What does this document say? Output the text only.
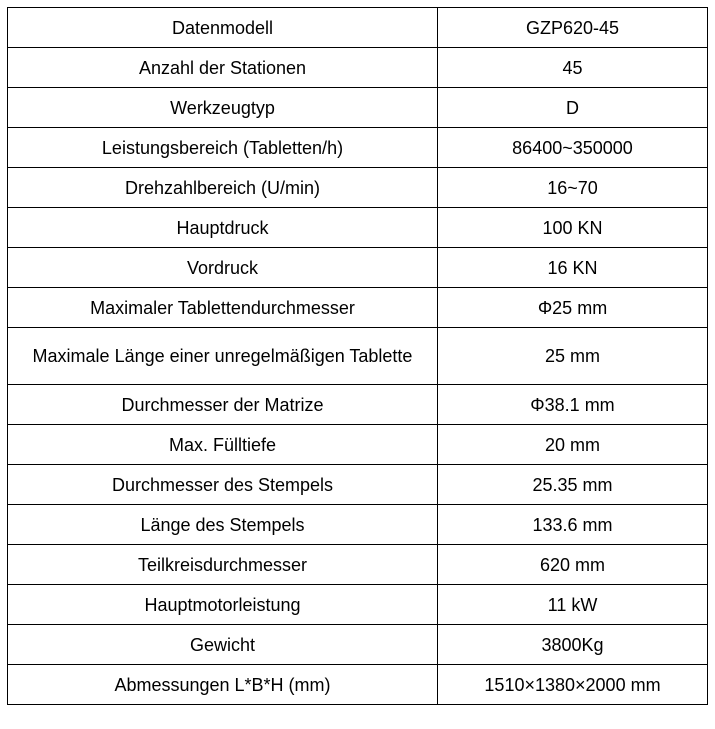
Datenmodell	GZP620-45
Anzahl der Stationen	45
Werkzeugtyp	D
Leistungsbereich (Tabletten/h)	86400~350000
Drehzahlbereich (U/min)	16~70
Hauptdruck	100 KN
Vordruck	16 KN
Maximaler Tablettendurchmesser	Φ25 mm
Maximale Länge einer unregelmäßigen Tablette	25 mm
Durchmesser der Matrize	Φ38.1 mm
Max. Fülltiefe	20 mm
Durchmesser des Stempels	25.35 mm
Länge des Stempels	133.6 mm
Teilkreisdurchmesser	620 mm
Hauptmotorleistung	11 kW
Gewicht	3800Kg
Abmessungen L*B*H (mm)	1510×1380×2000 mm
